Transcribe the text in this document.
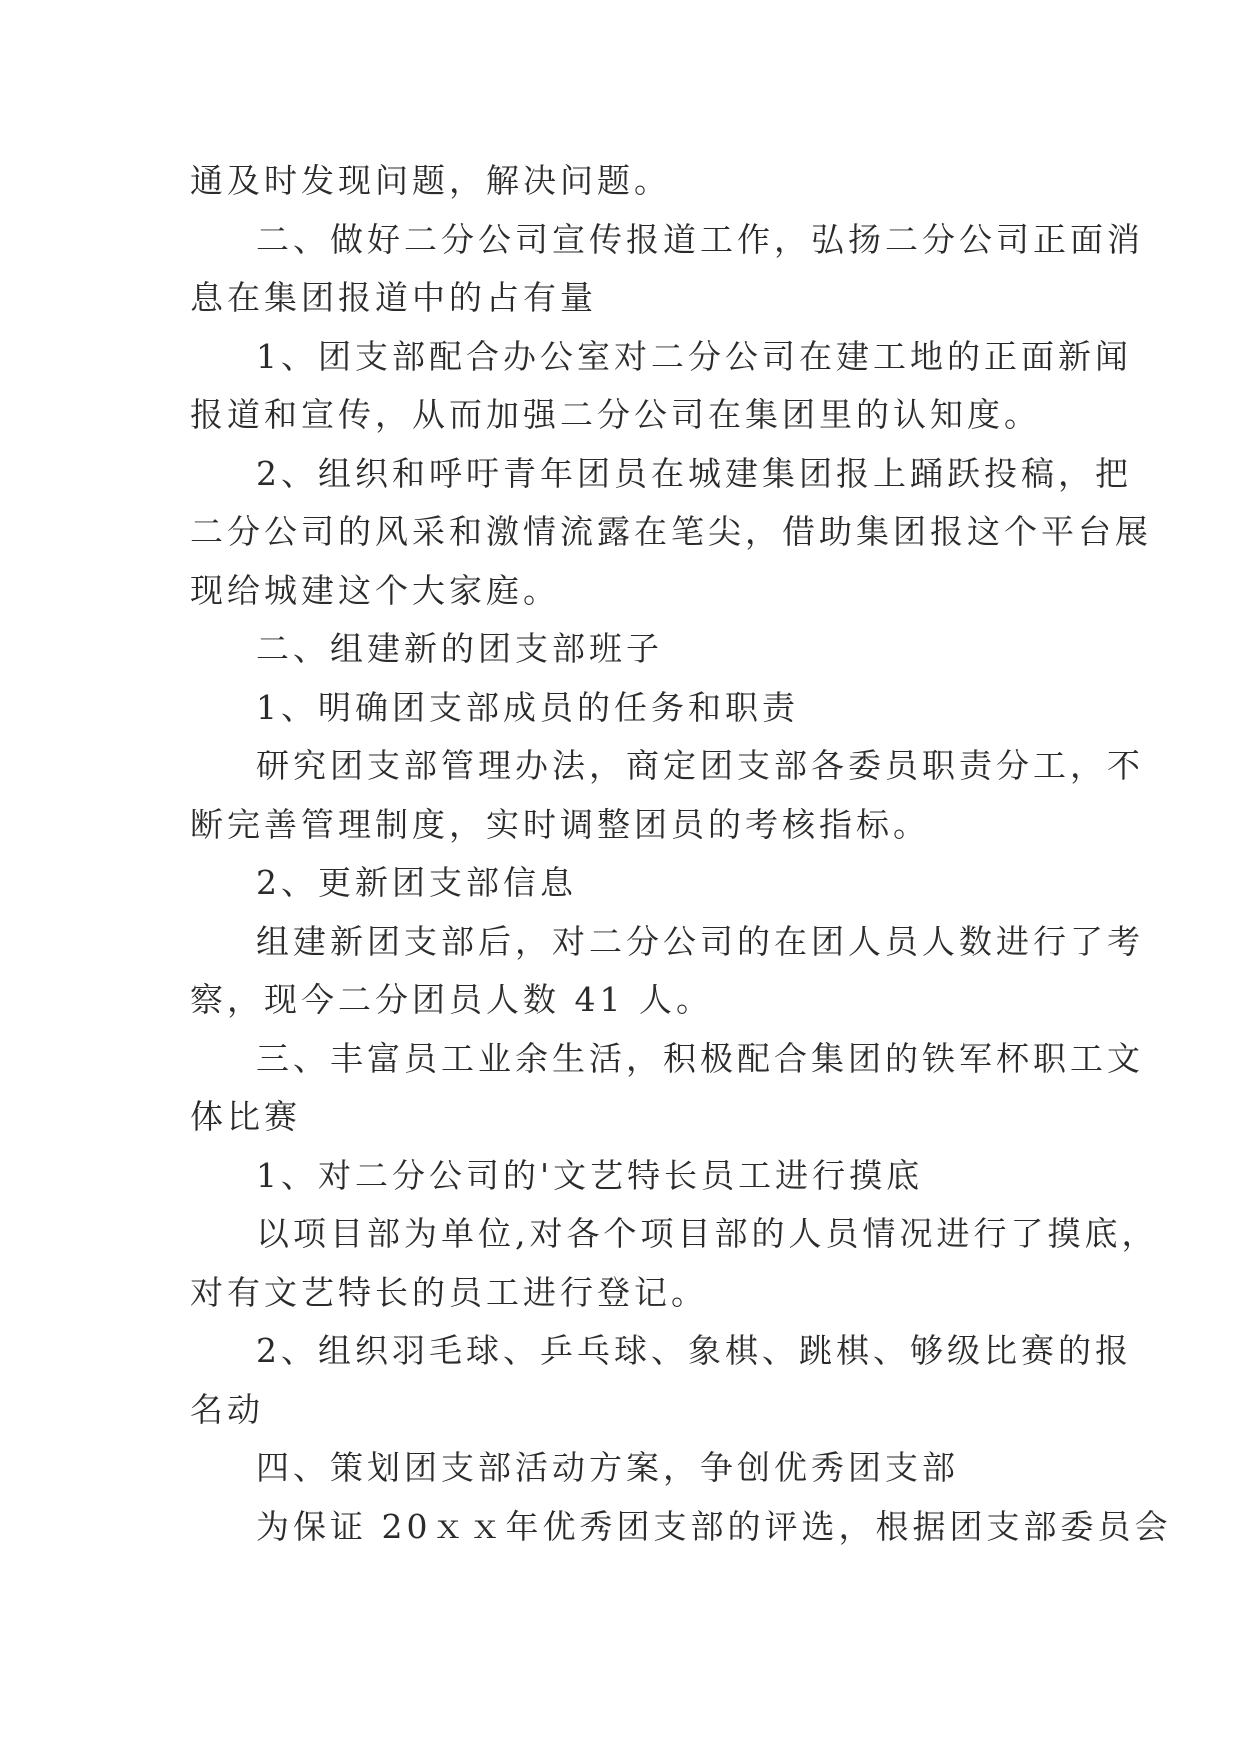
通及时发现问题，解决问题。
二、做好二分公司宣传报道工作，弘扬二分公司正面消
息在集团报道中的占有量
1、团支部配合办公室对二分公司在建工地的正面新闻
报道和宣传，从而加强二分公司在集团里的认知度。
2、组织和呼吁青年团员在城建集团报上踊跃投稿，把
二分公司的风采和激情流露在笔尖，借助集团报这个平台展
现给城建这个大家庭。
二、组建新的团支部班子
1、明确团支部成员的任务和职责
研究团支部管理办法，商定团支部各委员职责分工，不
断完善管理制度，实时调整团员的考核指标。
2、更新团支部信息
组建新团支部后，对二分公司的在团人员人数进行了考
察，现今二分团员人数 41 人。
三、丰富员工业余生活，积极配合集团的铁军杯职工文
体比赛
1、对二分公司的'文艺特长员工进行摸底
以项目部为单位,对各个项目部的人员情况进行了摸底，
对有文艺特长的员工进行登记。
2、组织羽毛球、乒乓球、象棋、跳棋、够级比赛的报
名动
四、策划团支部活动方案，争创优秀团支部
为保证 20ｘｘ年优秀团支部的评选，根据团支部委员会
